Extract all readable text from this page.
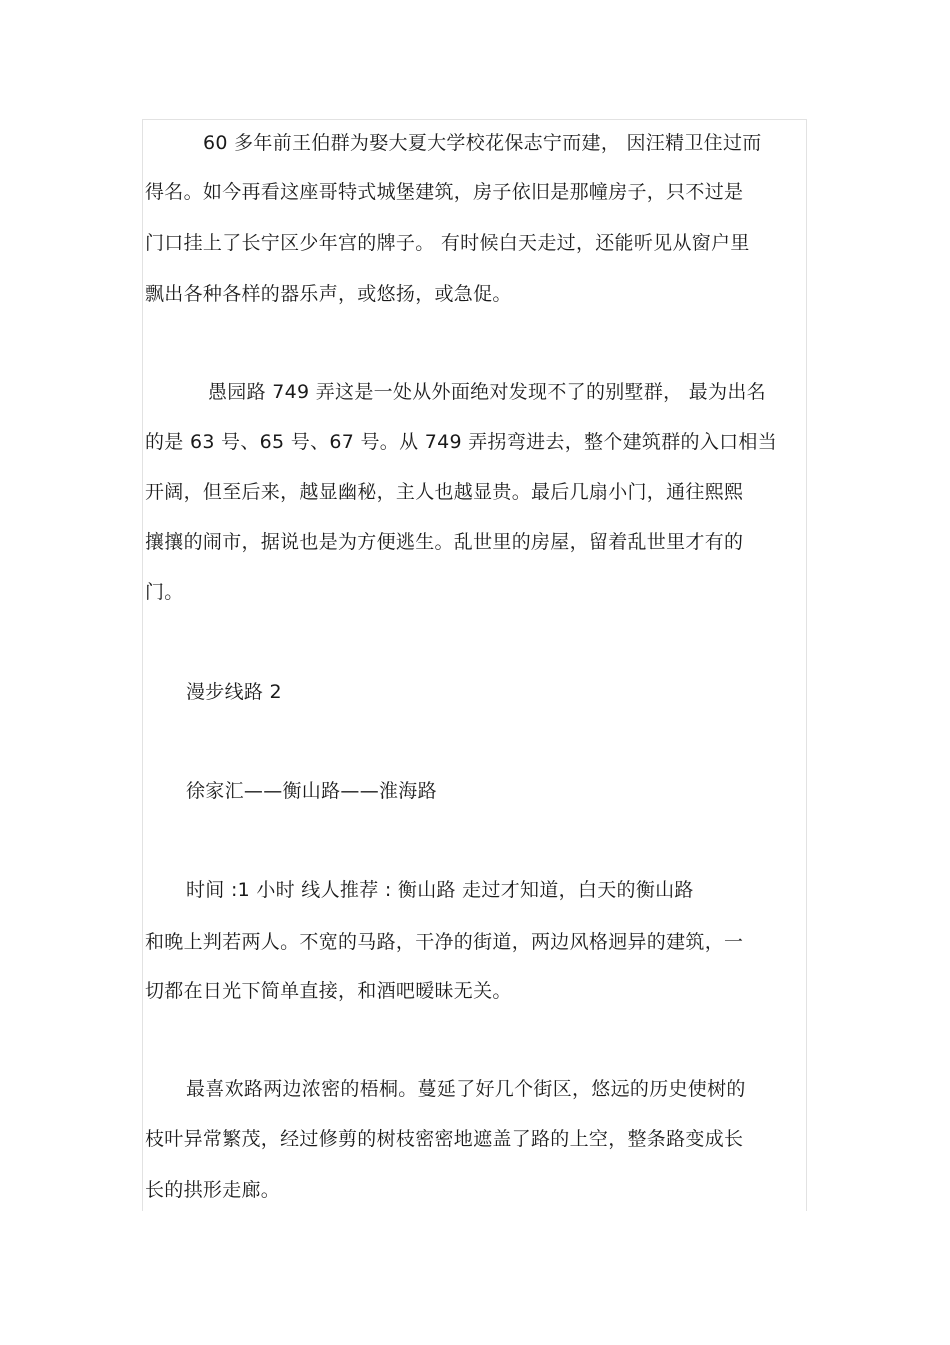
60 多年前王伯群为娶大夏大学校花保志宁而建， 因汪精卫住过而
得名。如今再看这座哥特式城堡建筑，房子依旧是那幢房子，只不过是
门口挂上了长宁区少年宫的牌子。 有时候白天走过，还能听见从窗户里
飘出各种各样的器乐声，或悠扬，或急促。
愚园路 749 弄这是一处从外面绝对发现不了的别墅群， 最为出名
的是 63 号、65 号、67 号。从 749 弄拐弯进去，整个建筑群的入口相当
开阔，但至后来，越显幽秘，主人也越显贵。最后几扇小门，通往熙熙
攘攘的闹市，据说也是为方便逃生。乱世里的房屋，留着乱世里才有的
门。
漫步线路 2
徐家汇——衡山路——淮海路
时间 :1 小时 线人推荐 : 衡山路 走过才知道，白天的衡山路
和晚上判若两人。不宽的马路，干净的街道，两边风格迥异的建筑，一
切都在日光下简单直接，和酒吧暧昧无关。
最喜欢路两边浓密的梧桐。蔓延了好几个街区，悠远的历史使树的
枝叶异常繁茂，经过修剪的树枝密密地遮盖了路的上空，整条路变成长
长的拱形走廊。
